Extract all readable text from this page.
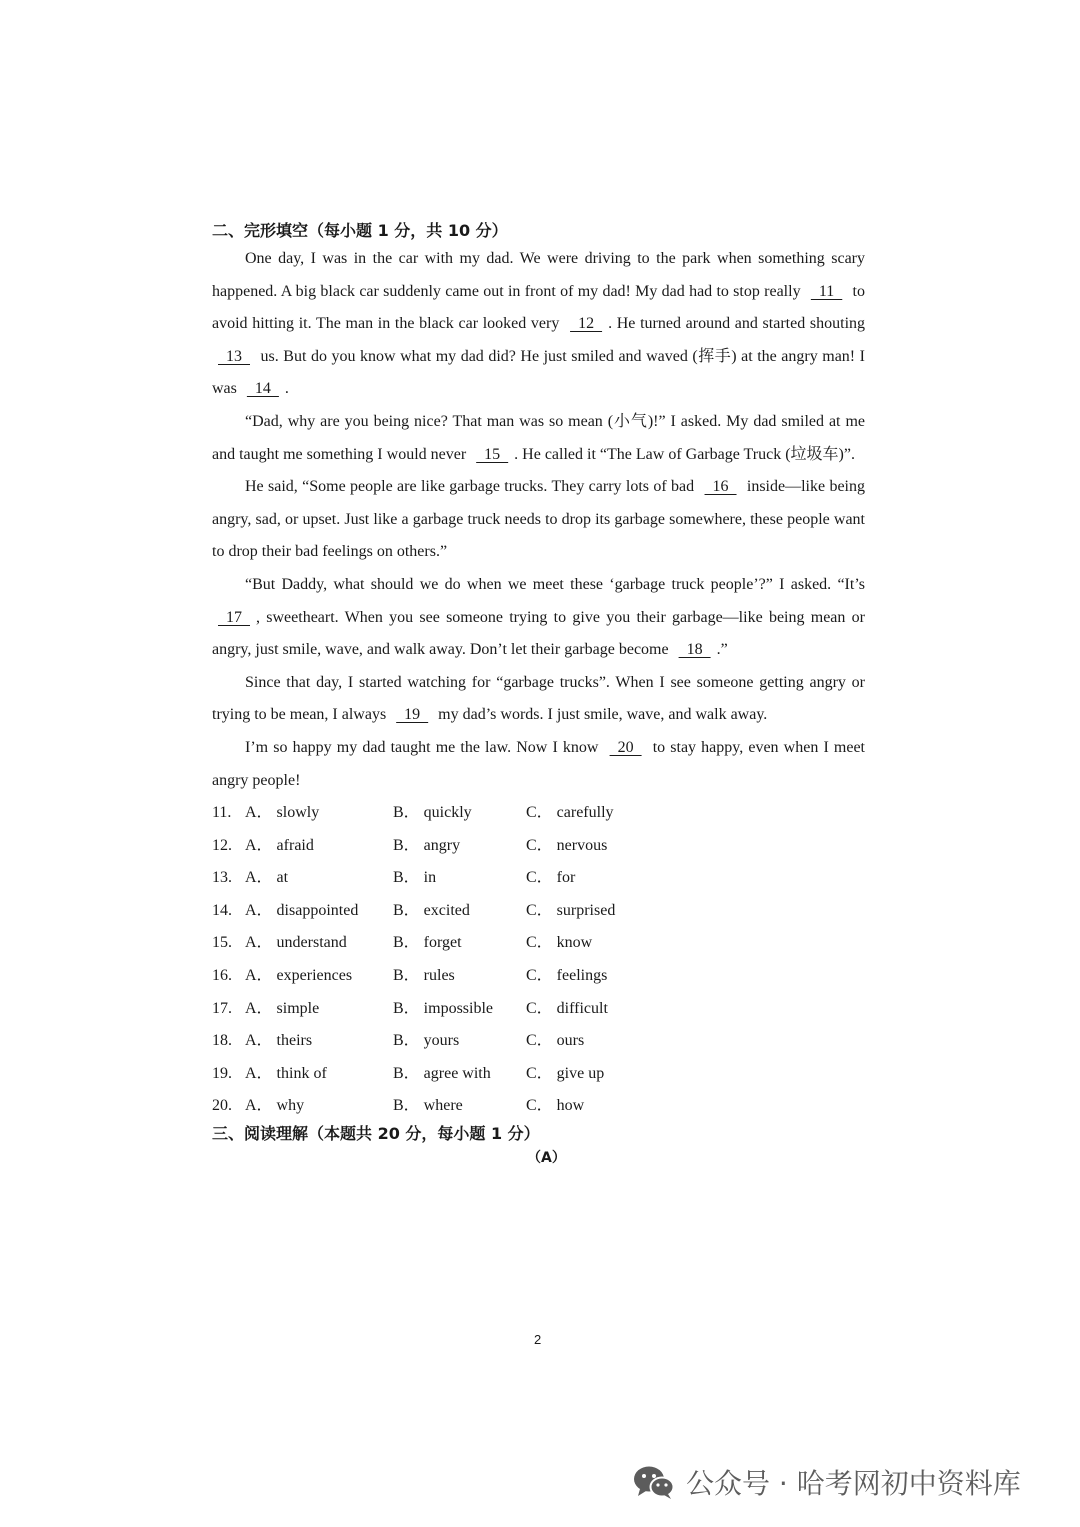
二、完形填空（每小题 1 分，共 10 分）

One day, I was in the car with my dad. We were driving to the park when something scary happened. A big black car suddenly came out in front of my dad! My dad had to stop really   11   to avoid hitting it. The man in the black car looked very   12  . He turned around and started shouting   13   us. But do you know what my dad did? He just smiled and waved (挥手) at the angry man! I was   14  .

“Dad, why are you being nice? That man was so mean (小气)!” I asked. My dad smiled at me and taught me something I would never   15  . He called it “The Law of Garbage Truck (垃圾车)”.

He said, “Some people are like garbage trucks. They carry lots of bad   16   inside—like being angry, sad, or upset. Just like a garbage truck needs to drop its garbage somewhere, these people want to drop their bad feelings on others.”

“But Daddy, what should we do when we meet these ‘garbage truck people’?” I asked. “It’s   17  , sweetheart. When you see someone trying to give you their garbage—like being mean or angry, just smile, wave, and walk away. Don’t let their garbage become   18  .”

Since that day, I started watching for “garbage trucks”. When I see someone getting angry or trying to be mean, I always   19   my dad’s words. I just smile, wave, and walk away.

I’m so happy my dad taught me the law. Now I know   20   to stay happy, even when I meet angry people!

11. A． slowly	B． quickly	C． carefully
12. A． afraid	B． angry	C． nervous
13. A． at	B． in	C． for
14. A． disappointed B． excited	C． surprised
15. A． understand	B． forget	C． know
16. A． experiences	B． rules	C． feelings
17. A． simple	B． impossible C． difficult
18. A． theirs	B． yours	C． ours
19. A． think of	B． agree with C． give up
20. A． why	B． where	C． how
三、阅读理解（本题共 20 分，每小题 1 分）
（A）
2
公众号 · 哈考网初中资料库
